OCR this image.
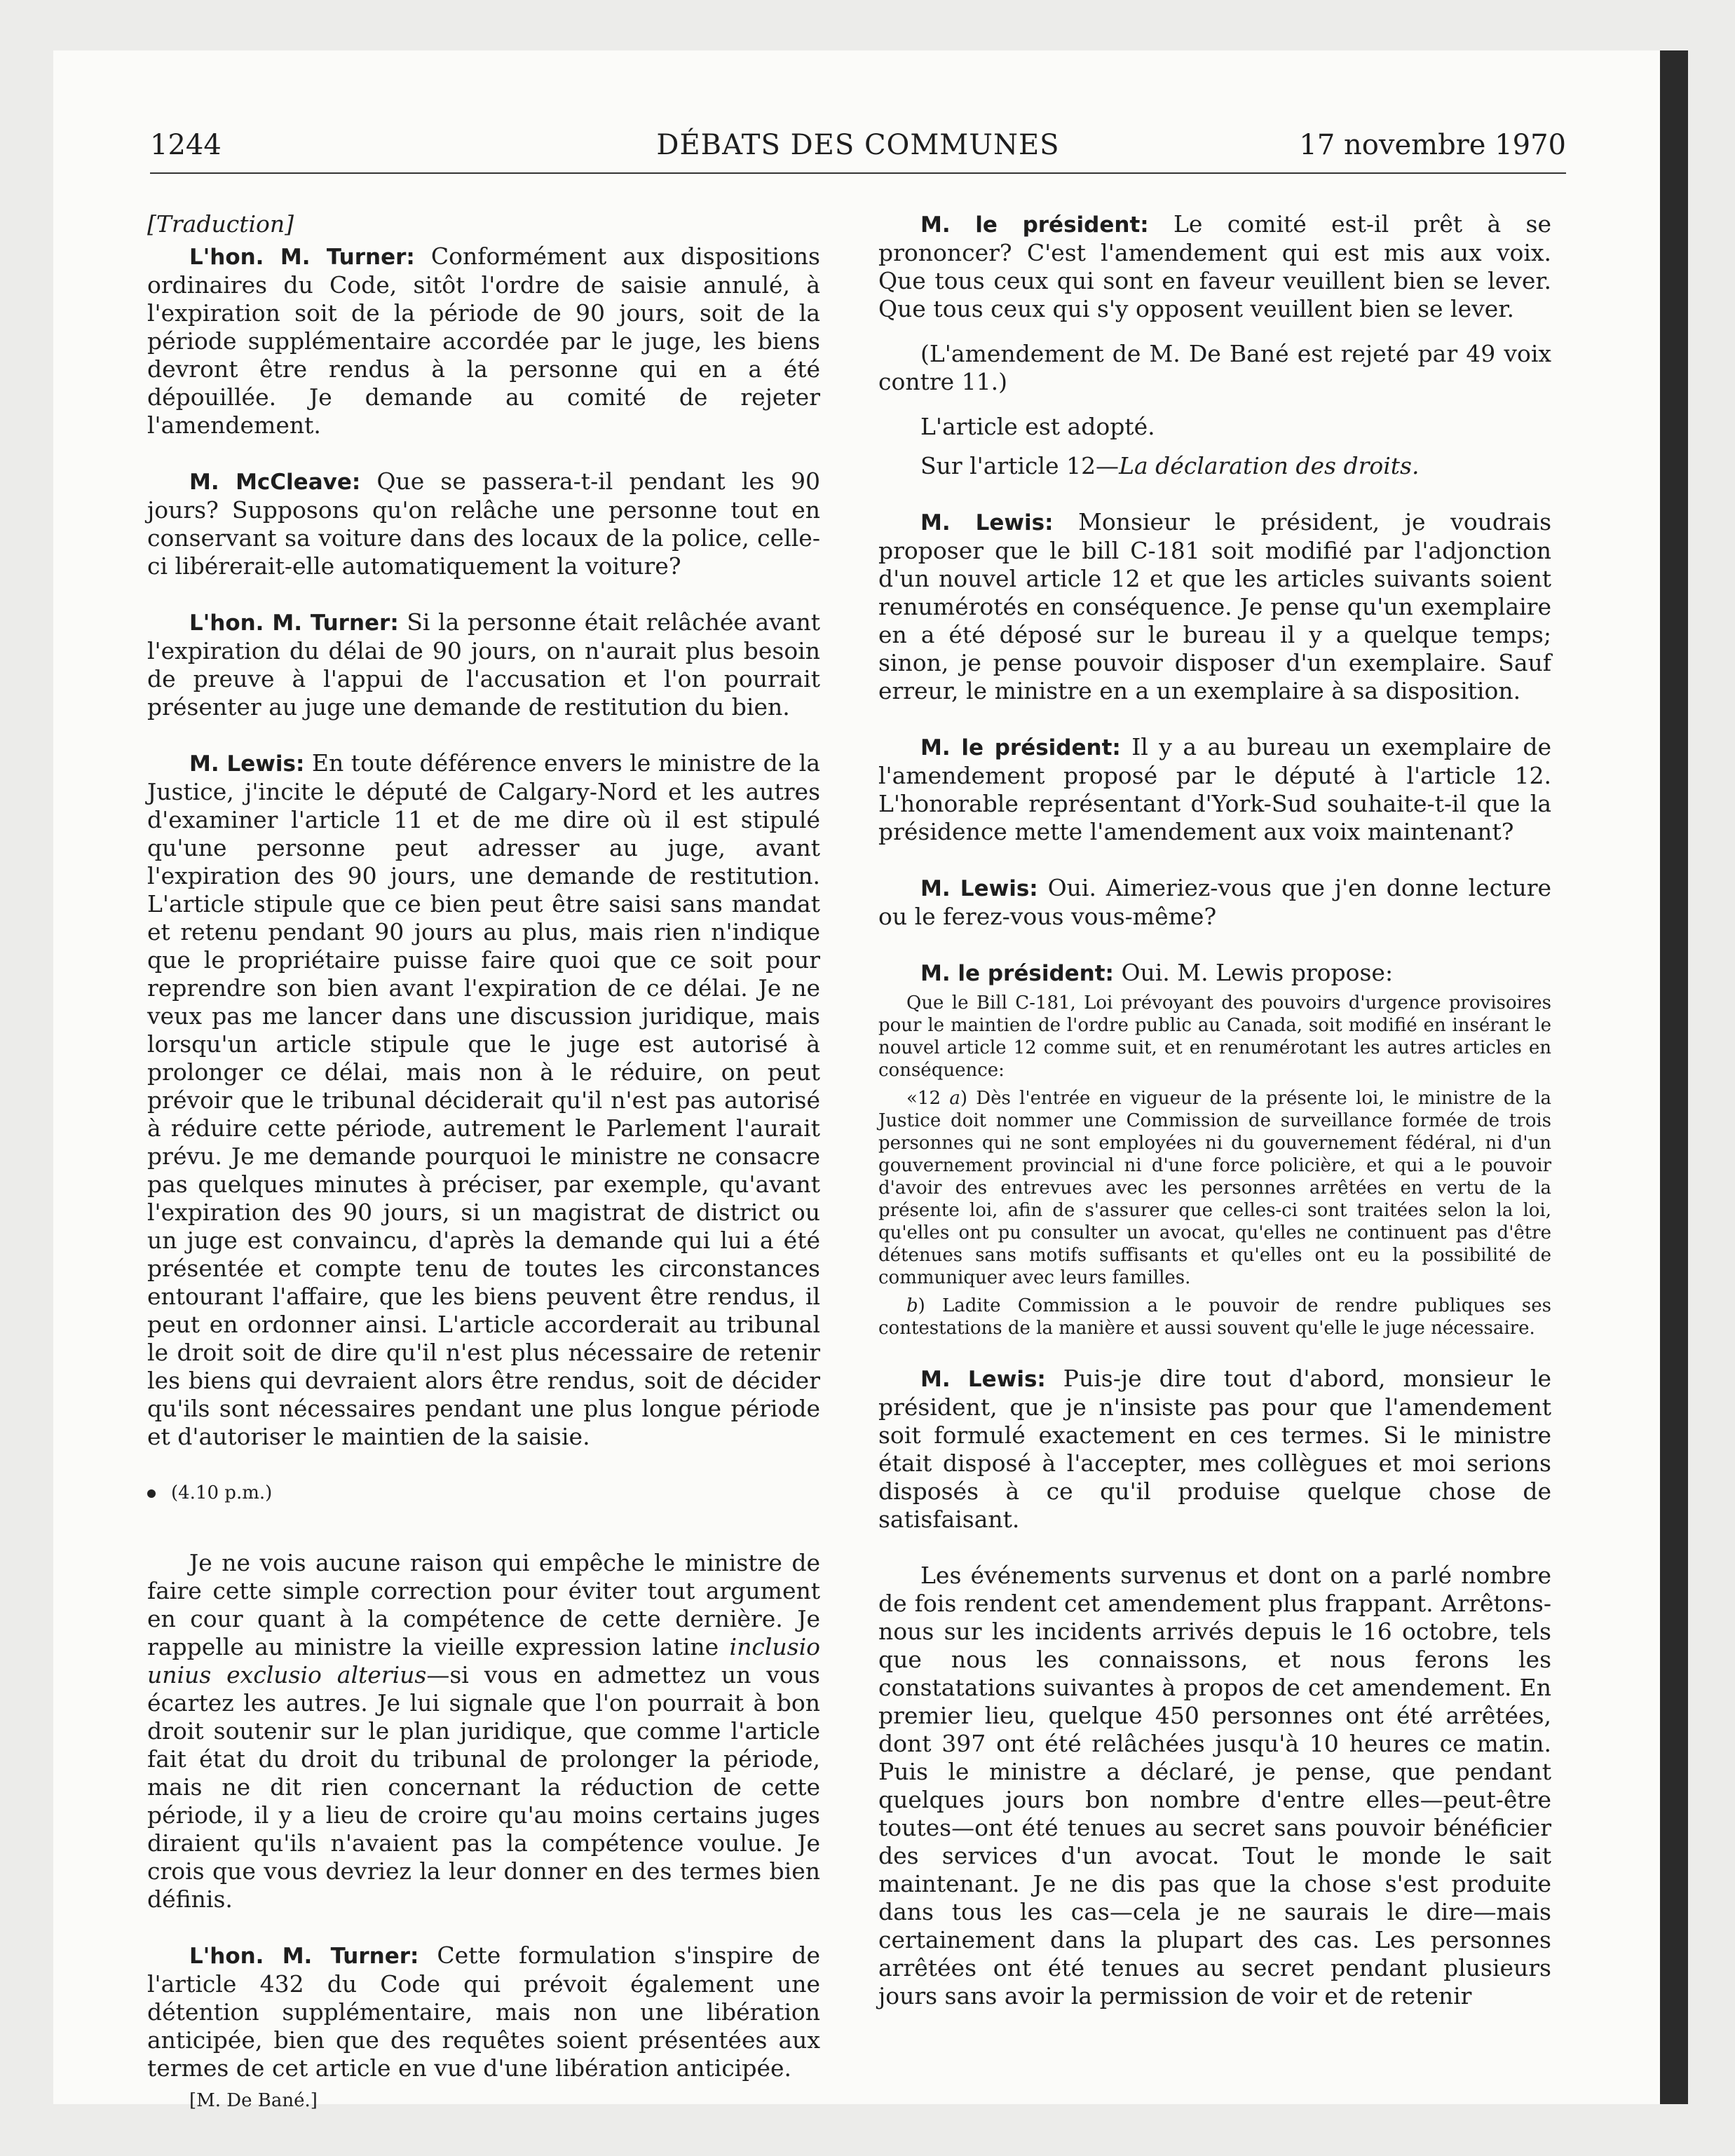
1244	DÉBATS DES COMMUNES	17 novembre 1970

[Traduction]

L'hon. M. Turner: Conformément aux dispositions ordinaires du Code, sitôt l'ordre de saisie annulé, à l'expiration soit de la période de 90 jours, soit de la période supplémentaire accordée par le juge, les biens devront être rendus à la personne qui en a été dépouillée. Je demande au comité de rejeter l'amendement.

M. McCleave: Que se passera-t-il pendant les 90 jours? Supposons qu'on relâche une personne tout en conservant sa voiture dans des locaux de la police, celle-ci libérerait-elle automatiquement la voiture?

L'hon. M. Turner: Si la personne était relâchée avant l'expiration du délai de 90 jours, on n'aurait plus besoin de preuve à l'appui de l'accusation et l'on pourrait présenter au juge une demande de restitution du bien.

M. Lewis: En toute déférence envers le ministre de la Justice, j'incite le député de Calgary-Nord et les autres d'examiner l'article 11 et de me dire où il est stipulé qu'une personne peut adresser au juge, avant l'expiration des 90 jours, une demande de restitution. L'article stipule que ce bien peut être saisi sans mandat et retenu pendant 90 jours au plus, mais rien n'indique que le propriétaire puisse faire quoi que ce soit pour reprendre son bien avant l'expiration de ce délai. Je ne veux pas me lancer dans une discussion juridique, mais lorsqu'un article stipule que le juge est autorisé à prolonger ce délai, mais non à le réduire, on peut prévoir que le tribunal déciderait qu'il n'est pas autorisé à réduire cette période, autrement le Parlement l'aurait prévu. Je me demande pourquoi le ministre ne consacre pas quelques minutes à préciser, par exemple, qu'avant l'expiration des 90 jours, si un magistrat de district ou un juge est convaincu, d'après la demande qui lui a été présentée et compte tenu de toutes les circonstances entourant l'affaire, que les biens peuvent être rendus, il peut en ordonner ainsi. L'article accorderait au tribunal le droit soit de dire qu'il n'est plus nécessaire de retenir les biens qui devraient alors être rendus, soit de décider qu'ils sont nécessaires pendant une plus longue période et d'autoriser le maintien de la saisie.

(4.10 p.m.)

Je ne vois aucune raison qui empêche le ministre de faire cette simple correction pour éviter tout argument en cour quant à la compétence de cette dernière. Je rappelle au ministre la vieille expression latine inclusio unius exclusio alterius—si vous en admettez un vous écartez les autres. Je lui signale que l'on pourrait à bon droit soutenir sur le plan juridique, que comme l'article fait état du droit du tribunal de prolonger la période, mais ne dit rien concernant la réduction de cette période, il y a lieu de croire qu'au moins certains juges diraient qu'ils n'avaient pas la compétence voulue. Je crois que vous devriez la leur donner en des termes bien définis.

L'hon. M. Turner: Cette formulation s'inspire de l'article 432 du Code qui prévoit également une détention supplémentaire, mais non une libération anticipée, bien que des requêtes soient présentées aux termes de cet article en vue d'une libération anticipée.

[M. De Bané.]

M. le président: Le comité est-il prêt à se prononcer? C'est l'amendement qui est mis aux voix. Que tous ceux qui sont en faveur veuillent bien se lever. Que tous ceux qui s'y opposent veuillent bien se lever.

(L'amendement de M. De Bané est rejeté par 49 voix contre 11.)

L'article est adopté.

Sur l'article 12—La déclaration des droits.

M. Lewis: Monsieur le président, je voudrais proposer que le bill C-181 soit modifié par l'adjonction d'un nouvel article 12 et que les articles suivants soient renumérotés en conséquence. Je pense qu'un exemplaire en a été déposé sur le bureau il y a quelque temps; sinon, je pense pouvoir disposer d'un exemplaire. Sauf erreur, le ministre en a un exemplaire à sa disposition.

M. le président: Il y a au bureau un exemplaire de l'amendement proposé par le député à l'article 12. L'honorable représentant d'York-Sud souhaite-t-il que la présidence mette l'amendement aux voix maintenant?

M. Lewis: Oui. Aimeriez-vous que j'en donne lecture ou le ferez-vous vous-même?

M. le président: Oui. M. Lewis propose:

Que le Bill C-181, Loi prévoyant des pouvoirs d'urgence provisoires pour le maintien de l'ordre public au Canada, soit modifié en insérant le nouvel article 12 comme suit, et en renumérotant les autres articles en conséquence:

«12 a) Dès l'entrée en vigueur de la présente loi, le ministre de la Justice doit nommer une Commission de surveillance formée de trois personnes qui ne sont employées ni du gouvernement fédéral, ni d'un gouvernement provincial ni d'une force policière, et qui a le pouvoir d'avoir des entrevues avec les personnes arrêtées en vertu de la présente loi, afin de s'assurer que celles-ci sont traitées selon la loi, qu'elles ont pu consulter un avocat, qu'elles ne continuent pas d'être détenues sans motifs suffisants et qu'elles ont eu la possibilité de communiquer avec leurs familles.

b) Ladite Commission a le pouvoir de rendre publiques ses contestations de la manière et aussi souvent qu'elle le juge nécessaire.

M. Lewis: Puis-je dire tout d'abord, monsieur le président, que je n'insiste pas pour que l'amendement soit formulé exactement en ces termes. Si le ministre était disposé à l'accepter, mes collègues et moi serions disposés à ce qu'il produise quelque chose de satisfaisant.

Les événements survenus et dont on a parlé nombre de fois rendent cet amendement plus frappant. Arrêtons-nous sur les incidents arrivés depuis le 16 octobre, tels que nous les connaissons, et nous ferons les constatations suivantes à propos de cet amendement. En premier lieu, quelque 450 personnes ont été arrêtées, dont 397 ont été relâchées jusqu'à 10 heures ce matin. Puis le ministre a déclaré, je pense, que pendant quelques jours bon nombre d'entre elles—peut-être toutes—ont été tenues au secret sans pouvoir bénéficier des services d'un avocat. Tout le monde le sait maintenant. Je ne dis pas que la chose s'est produite dans tous les cas—cela je ne saurais le dire—mais certainement dans la plupart des cas. Les personnes arrêtées ont été tenues au secret pendant plusieurs jours sans avoir la permission de voir et de retenir
